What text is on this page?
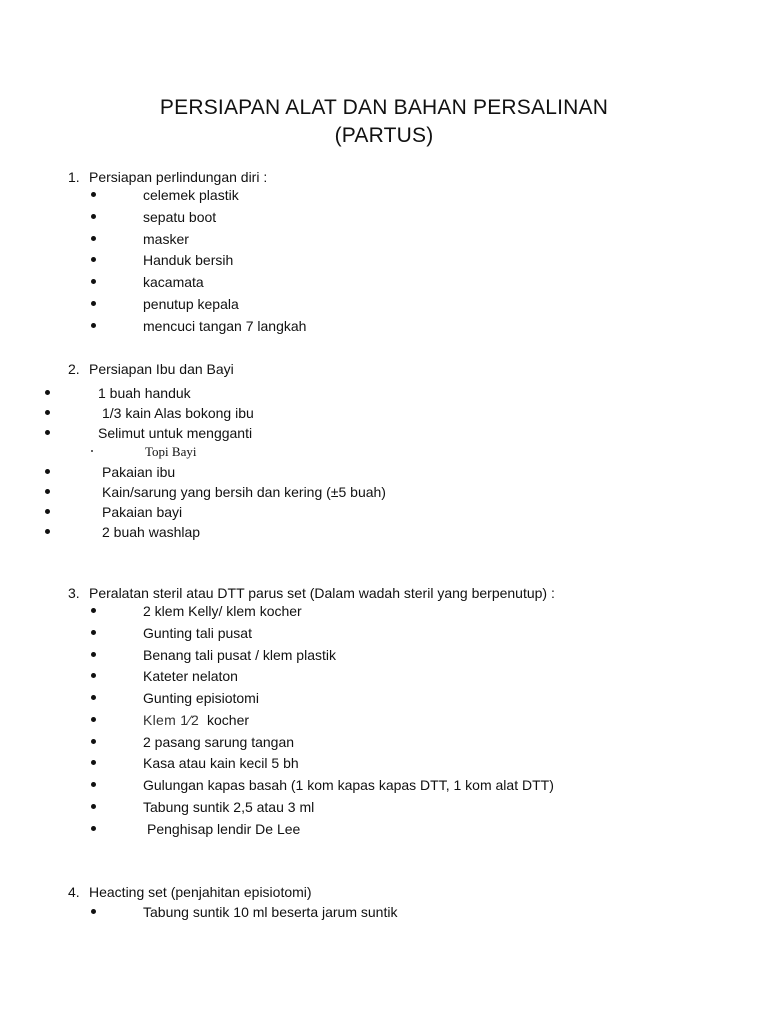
PERSIAPAN ALAT DAN BAHAN PERSALINAN
(PARTUS)
1. Persiapan perlindungan diri :
celemek plastik
sepatu boot
masker
Handuk bersih
kacamata
penutup kepala
mencuci tangan 7 langkah
2. Persiapan Ibu dan Bayi
1 buah handuk
1/3 kain Alas bokong ibu
Selimut untuk mengganti
Topi Bayi
Pakaian ibu
Kain/sarung yang bersih dan kering (±5 buah)
Pakaian bayi
2 buah washlap
3. Peralatan steril atau DTT parus set (Dalam wadah steril yang berpenutup) :
2 klem Kelly/ klem kocher
Gunting tali pusat
Benang tali pusat / klem plastik
Kateter nelaton
Gunting episiotomi
Klem 1⁄2 kocher
2 pasang sarung tangan
Kasa atau kain kecil 5 bh
Gulungan kapas basah (1 kom kapas kapas DTT, 1 kom alat DTT)
Tabung suntik 2,5 atau 3 ml
Penghisap lendir De Lee
4. Heacting set (penjahitan episiotomi)
Tabung suntik 10 ml beserta jarum suntik
